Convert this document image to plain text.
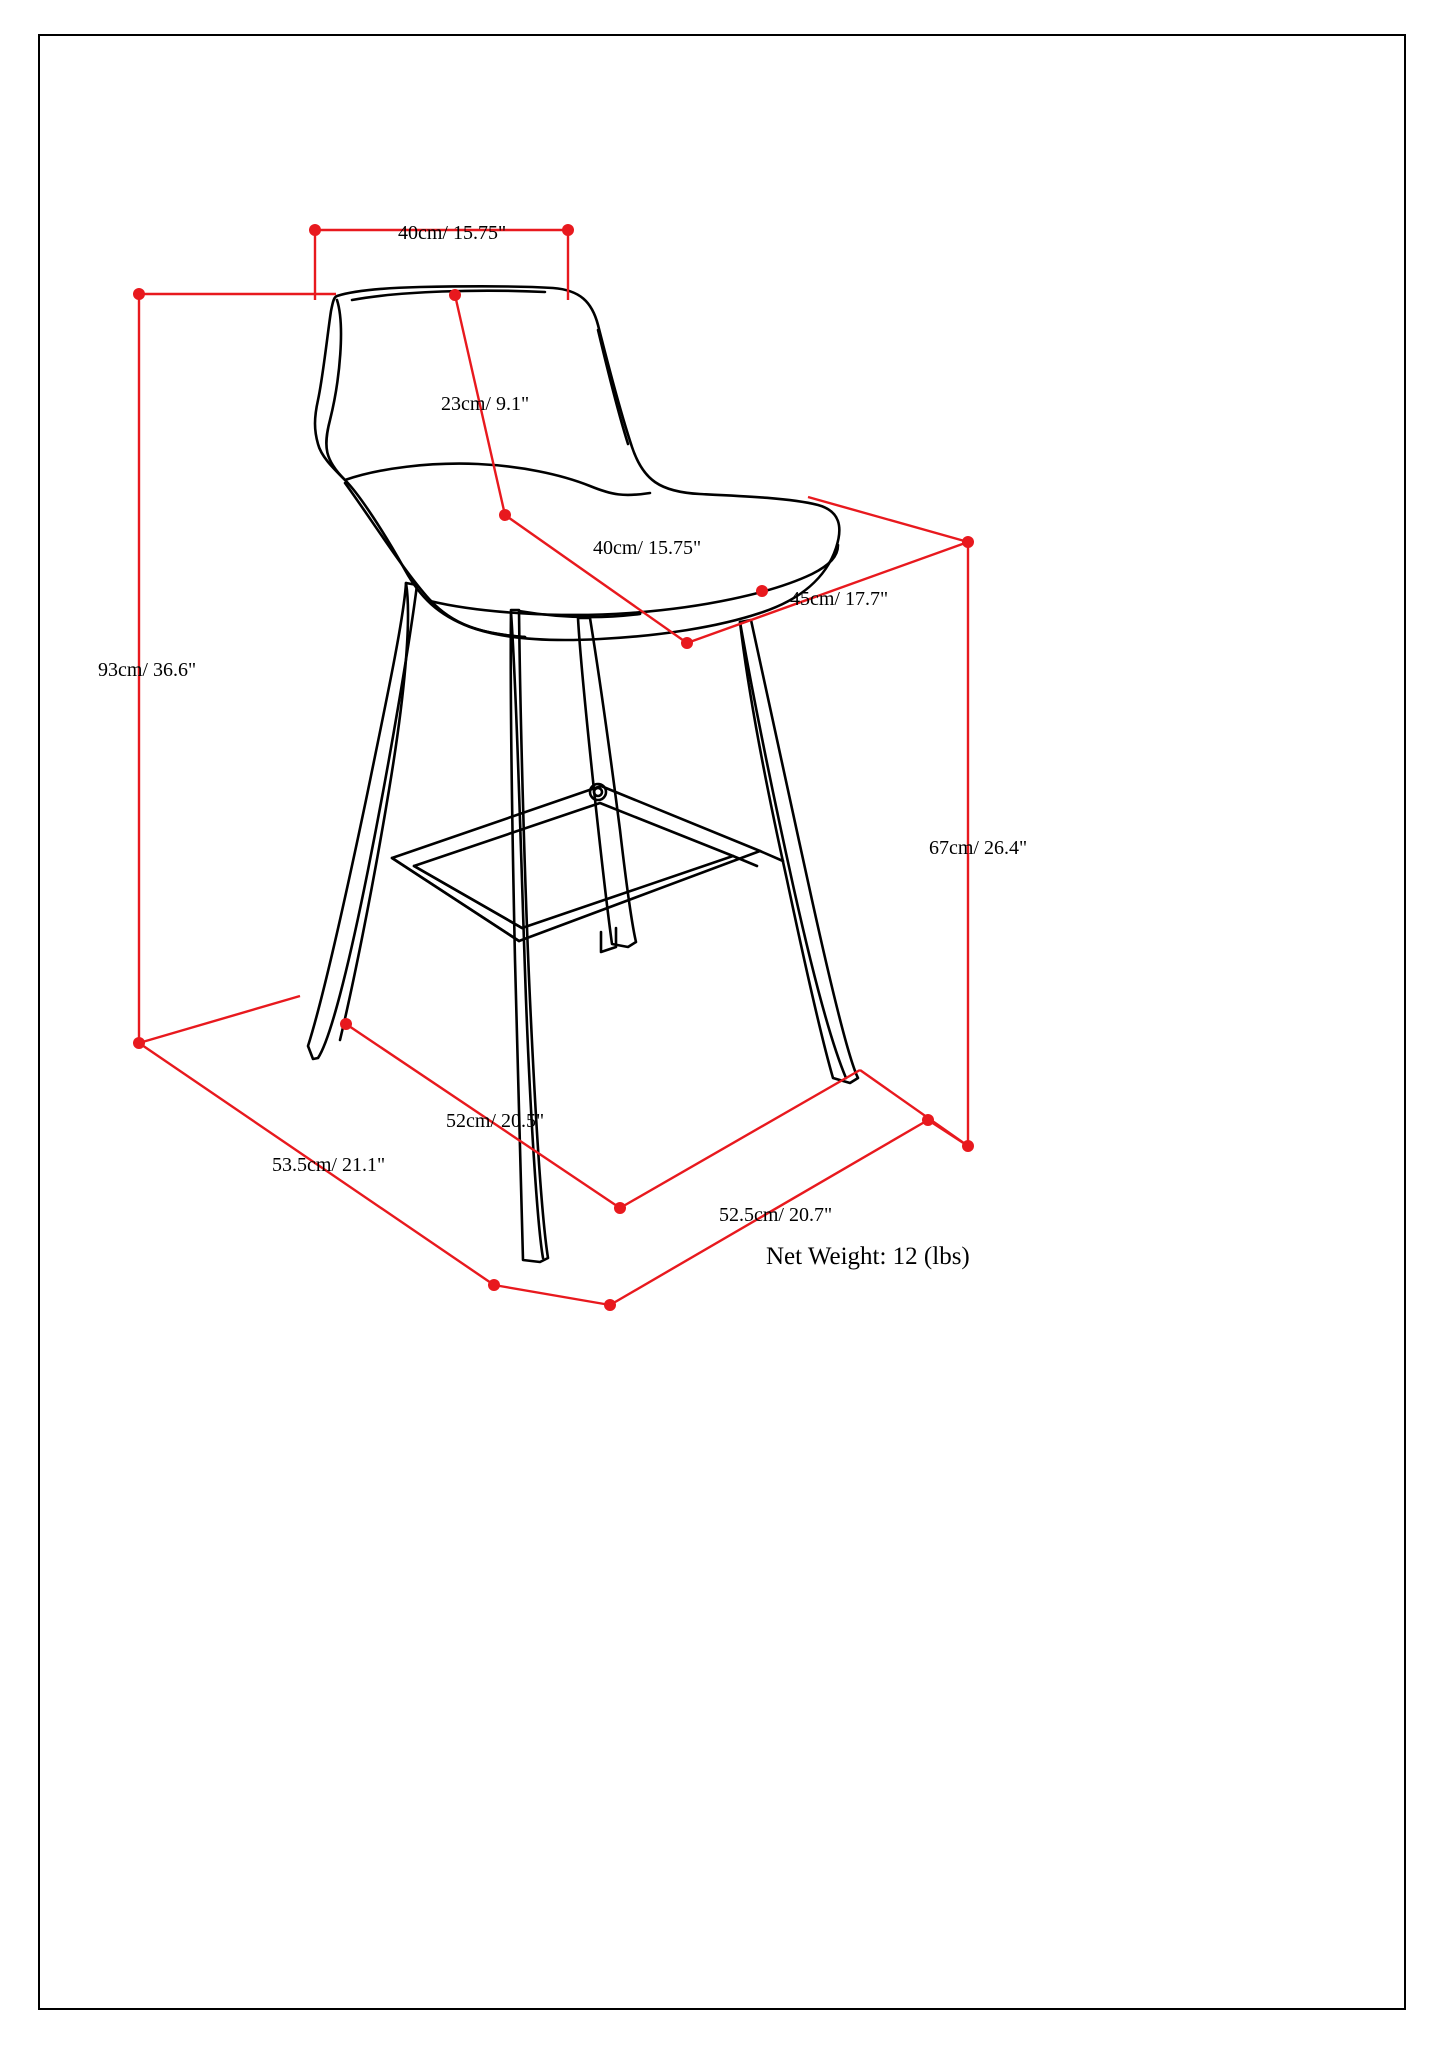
40cm/ 15.75"
23cm/ 9.1"
40cm/ 15.75"
45cm/ 17.7"
93cm/ 36.6"
67cm/ 26.4"
52cm/ 20.5"
53.5cm/ 21.1"
52.5cm/ 20.7"
Net Weight: 12 (lbs)
